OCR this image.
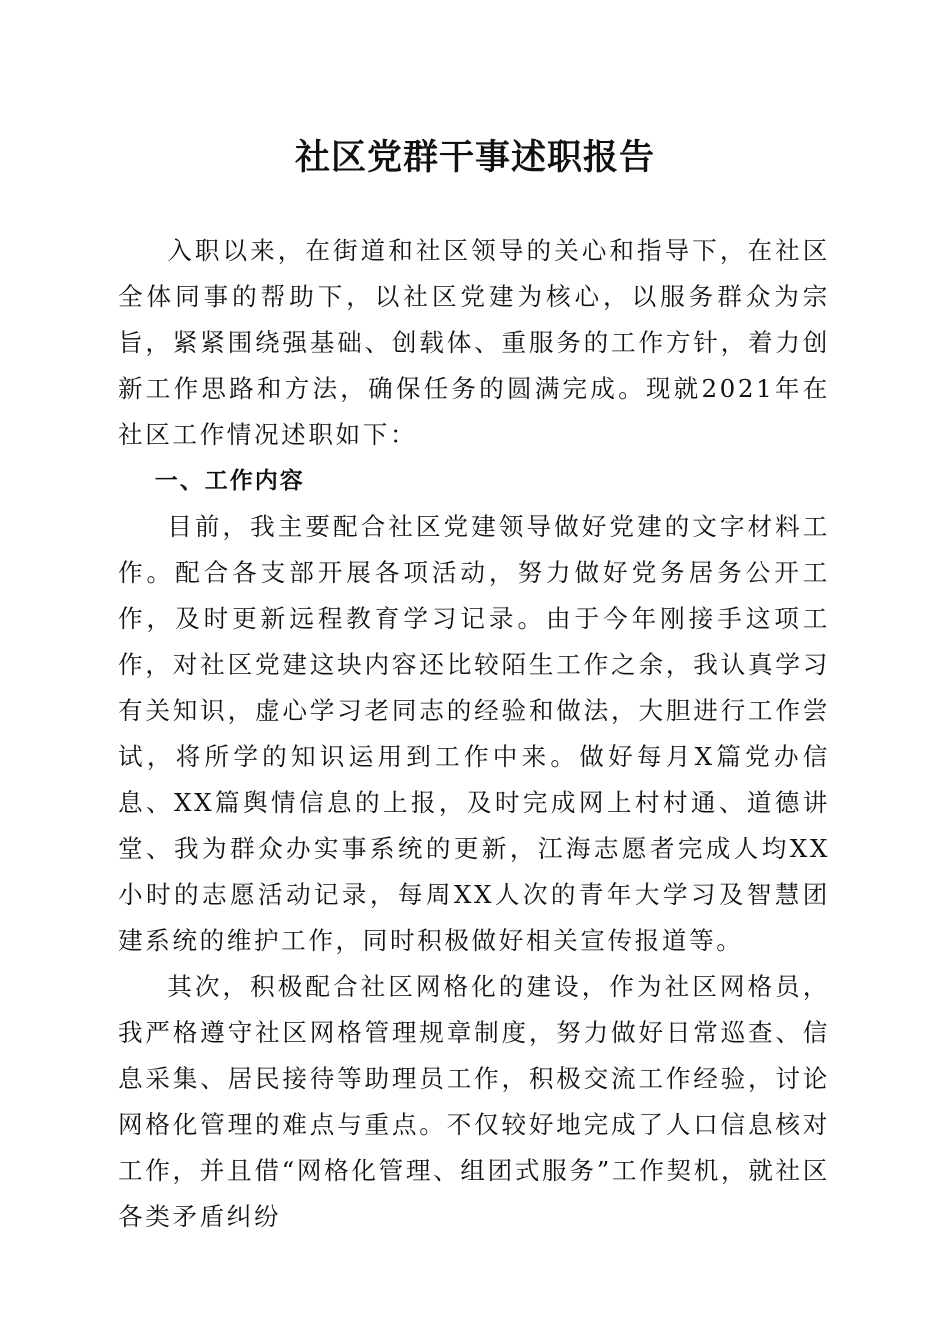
社区党群干事述职报告

入职以来，在街道和社区领导的关心和指导下，在社区全体同事的帮助下，以社区党建为核心，以服务群众为宗旨，紧紧围绕强基础、创载体、重服务的工作方针，着力创新工作思路和方法，确保任务的圆满完成。现就2021年在社区工作情况述职如下：

一、工作内容

目前，我主要配合社区党建领导做好党建的文字材料工作。配合各支部开展各项活动，努力做好党务居务公开工作，及时更新远程教育学习记录。由于今年刚接手这项工作，对社区党建这块内容还比较陌生工作之余，我认真学习有关知识，虚心学习老同志的经验和做法，大胆进行工作尝试，将所学的知识运用到工作中来。做好每月X篇党办信息、XX篇舆情信息的上报，及时完成网上村村通、道德讲堂、我为群众办实事系统的更新，江海志愿者完成人均XX小时的志愿活动记录，每周XX人次的青年大学习及智慧团建系统的维护工作，同时积极做好相关宣传报道等。

其次，积极配合社区网格化的建设，作为社区网格员，我严格遵守社区网格管理规章制度，努力做好日常巡查、信息采集、居民接待等助理员工作，积极交流工作经验，讨论网格化管理的难点与重点。不仅较好地完成了人口信息核对工作，并且借“网格化管理、组团式服务”工作契机，就社区各类矛盾纠纷
